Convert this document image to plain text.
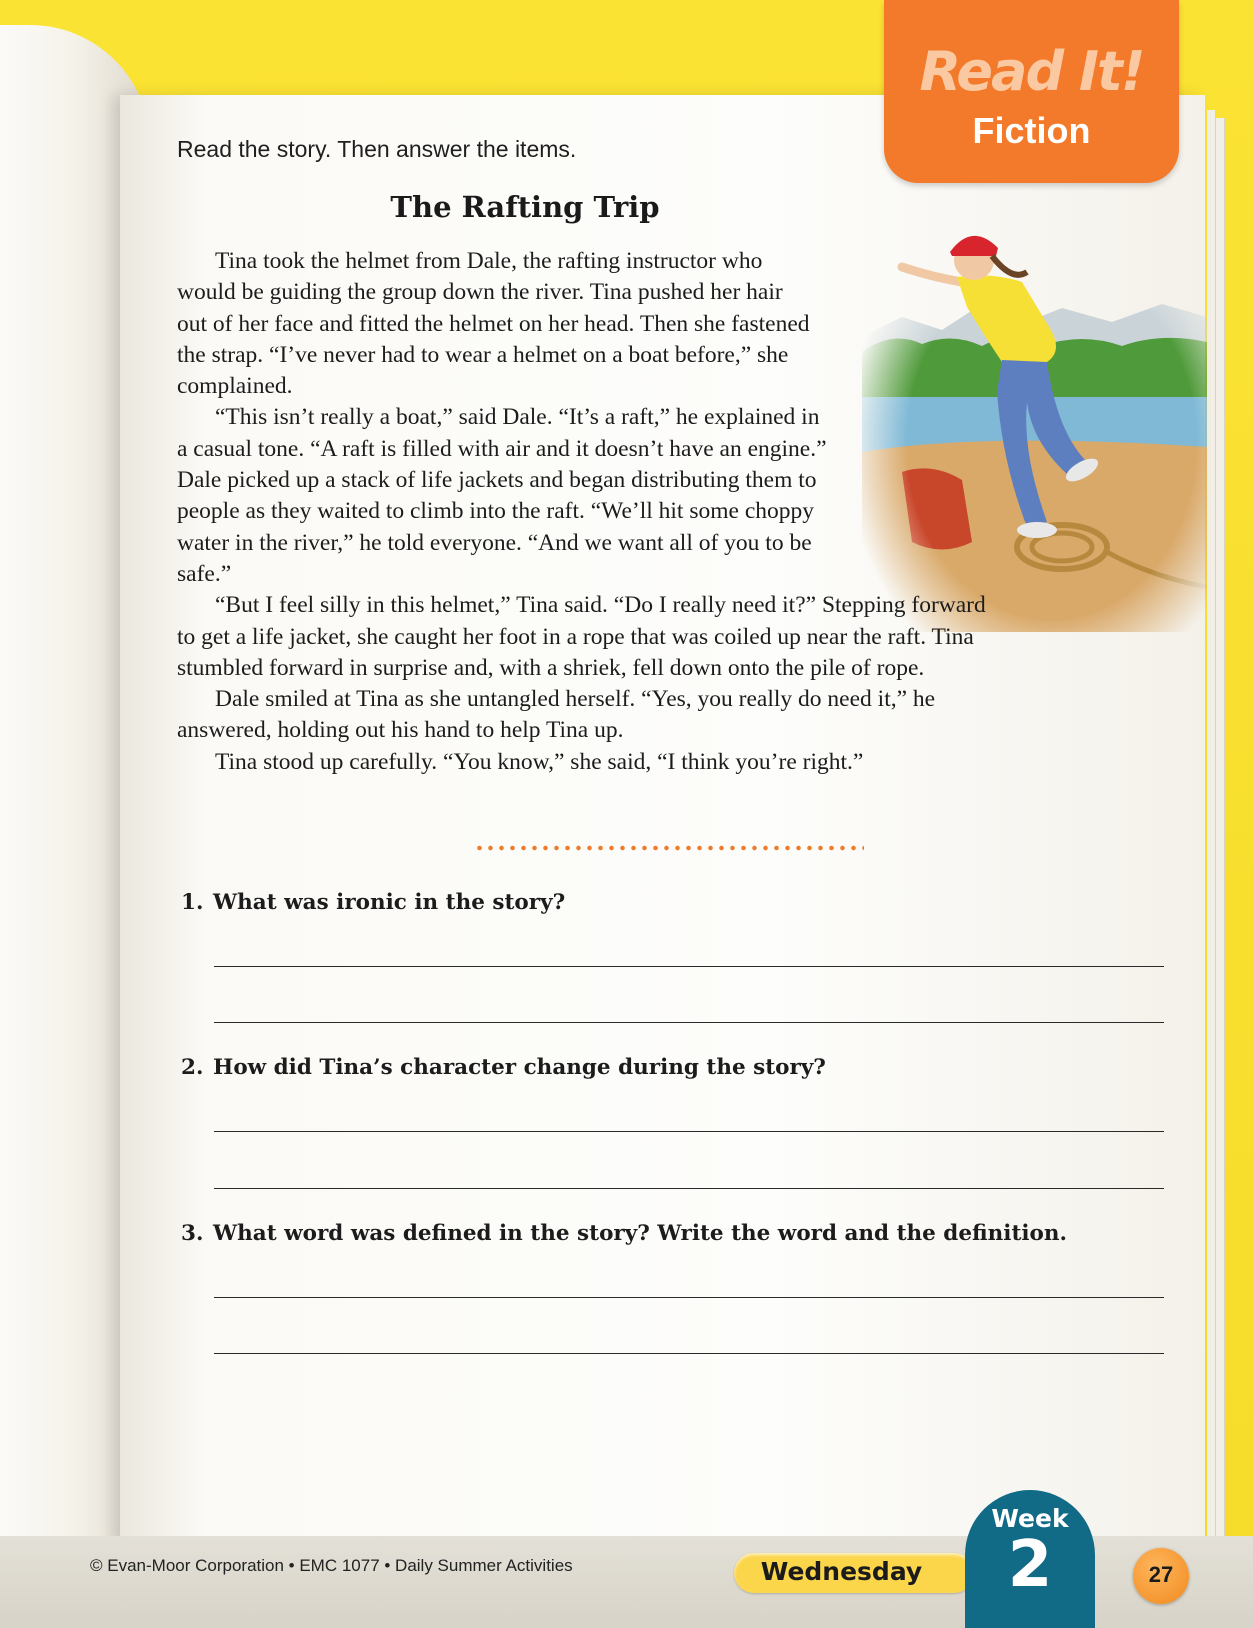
Read It!
Fiction
Read the story. Then answer the items.
The Rafting Trip

Tina took the helmet from Dale, the rafting instructor who would be guiding the group down the river. Tina pushed her hair out of her face and fitted the helmet on her head. Then she fastened the strap. “I’ve never had to wear a helmet on a boat before,” she complained.

“This isn’t really a boat,” said Dale. “It’s a raft,” he explained in a casual tone. “A raft is filled with air and it doesn’t have an engine.” Dale picked up a stack of life jackets and began distributing them to people as they waited to climb into the raft. “We’ll hit some choppy water in the river,” he told everyone. “And we want all of you to be safe.”

“But I feel silly in this helmet,” Tina said. “Do I really need it?” Stepping forward to get a life jacket, she caught her foot in a rope that was coiled up near the raft. Tina stumbled forward in surprise and, with a shriek, fell down onto the pile of rope.

Dale smiled at Tina as she untangled herself. “Yes, you really do need it,” he answered, holding out his hand to help Tina up.

Tina stood up carefully. “You know,” she said, “I think you’re right.”

1. What was ironic in the story?
2. How did Tina’s character change during the story?
3. What word was defined in the story? Write the word and the definition.
© Evan-Moor Corporation • EMC 1077 • Daily Summer Activities	Wednesday
Week
2	27
